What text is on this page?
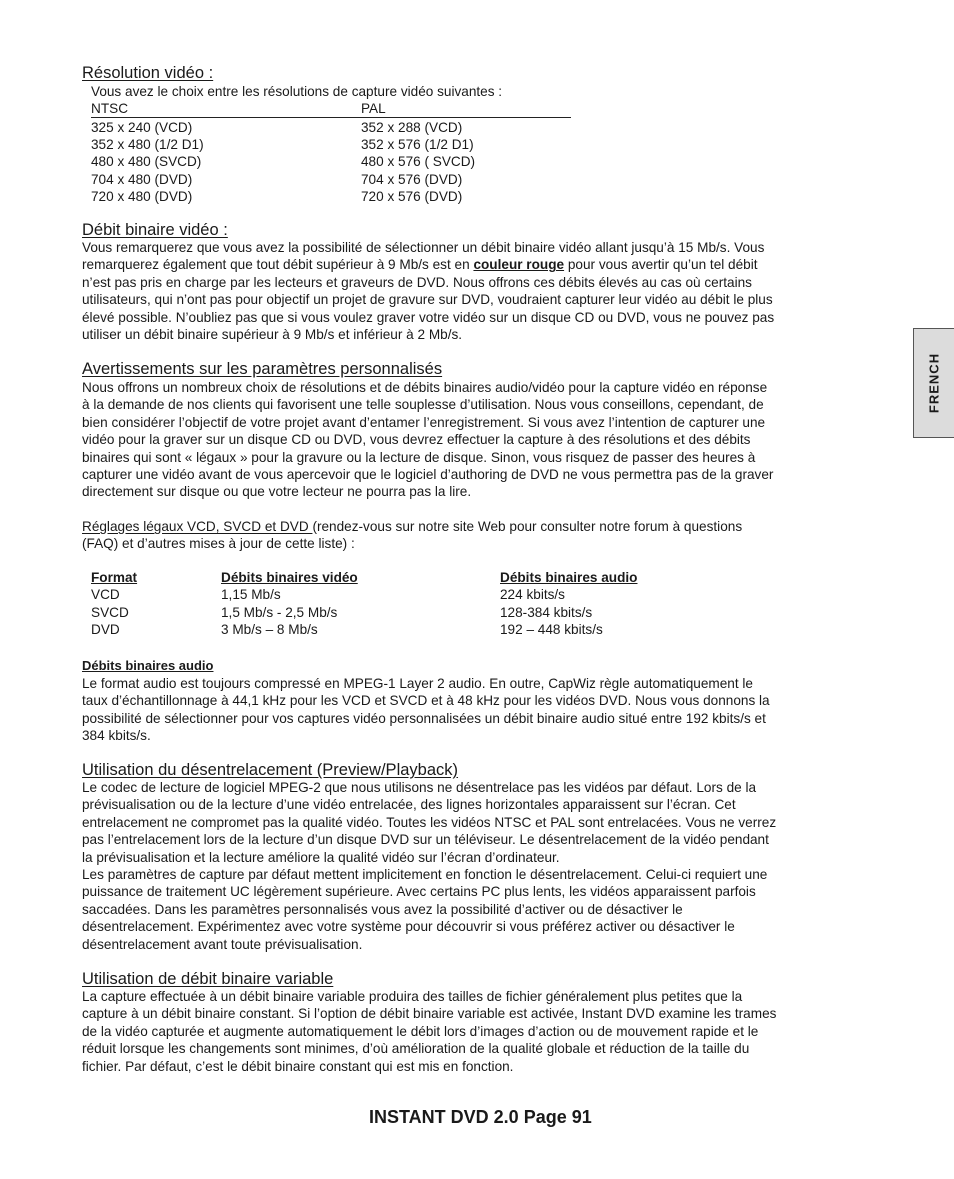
FRENCH
Résolution vidéo :
Vous avez le choix entre les résolutions de capture vidéo suivantes :
NTSC	PAL
325 x 240 (VCD)	352 x 288 (VCD)
352 x 480 (1/2 D1)	352 x 576 (1/2 D1)
480 x 480 (SVCD)	480 x 576 ( SVCD)
704 x 480 (DVD)	704 x 576 (DVD)
720 x 480 (DVD)	720 x 576 (DVD)
Débit binaire vidéo :
Vous remarquerez que vous avez la possibilité de sélectionner un débit binaire vidéo allant jusqu’à 15 Mb/s. Vous
remarquerez également que tout débit supérieur à 9 Mb/s est en couleur rouge pour vous avertir qu’un tel débit
n’est pas pris en charge par les lecteurs et graveurs de DVD. Nous offrons ces débits élevés au cas où certains
utilisateurs, qui n’ont pas pour objectif un projet de gravure sur DVD, voudraient capturer leur vidéo au débit le plus
élevé possible. N’oubliez pas que si vous voulez graver votre vidéo sur un disque CD ou DVD, vous ne pouvez pas
utiliser un débit binaire supérieur à 9 Mb/s et inférieur à 2 Mb/s.
Avertissements sur les paramètres personnalisés
Nous offrons un nombreux choix de résolutions et de débits binaires audio/vidéo pour la capture vidéo en réponse
à la demande de nos clients qui favorisent une telle souplesse d’utilisation. Nous vous conseillons, cependant, de
bien considérer l’objectif de votre projet avant d’entamer l’enregistrement. Si vous avez l’intention de capturer une
vidéo pour la graver sur un disque CD ou DVD, vous devrez effectuer la capture à des résolutions et des débits
binaires qui sont « légaux » pour la gravure ou la lecture de disque. Sinon, vous risquez de passer des heures à
capturer une vidéo avant de vous apercevoir que le logiciel d’authoring de DVD ne vous permettra pas de la graver
directement sur disque ou que votre lecteur ne pourra pas la lire.
Réglages légaux VCD, SVCD et DVD (rendez-vous sur notre site Web pour consulter notre forum à questions
(FAQ) et d’autres mises à jour de cette liste) :
Format	Débits binaires vidéo	Débits binaires audio
VCD	1,15 Mb/s	224 kbits/s
SVCD	1,5 Mb/s - 2,5 Mb/s	128-384 kbits/s
DVD	3 Mb/s – 8 Mb/s	192 – 448 kbits/s
Débits binaires audio
Le format audio est toujours compressé en MPEG-1 Layer 2 audio. En outre, CapWiz règle automatiquement le
taux d’échantillonnage à 44,1 kHz pour les VCD et SVCD et à 48 kHz pour les vidéos DVD. Nous vous donnons la
possibilité de sélectionner pour vos captures vidéo personnalisées un débit binaire audio situé entre 192 kbits/s et
384 kbits/s.
Utilisation du désentrelacement (Preview/Playback)
Le codec de lecture de logiciel MPEG-2 que nous utilisons ne désentrelace pas les vidéos par défaut. Lors de la
prévisualisation ou de la lecture d’une vidéo entrelacée, des lignes horizontales apparaissent sur l’écran. Cet
entrelacement ne compromet pas la qualité vidéo. Toutes les vidéos NTSC et PAL sont entrelacées. Vous ne verrez
pas l’entrelacement lors de la lecture d’un disque DVD sur un téléviseur. Le désentrelacement de la vidéo pendant
la prévisualisation et la lecture améliore la qualité vidéo sur l’écran d’ordinateur.
Les paramètres de capture par défaut mettent implicitement en fonction le désentrelacement. Celui-ci requiert une
puissance de traitement UC légèrement supérieure. Avec certains PC plus lents, les vidéos apparaissent parfois
saccadées. Dans les paramètres personnalisés vous avez la possibilité d’activer ou de désactiver le
désentrelacement. Expérimentez avec votre système pour découvrir si vous préférez activer ou désactiver le
désentrelacement avant toute prévisualisation.
Utilisation de débit binaire variable
La capture effectuée à un débit binaire variable produira des tailles de fichier généralement plus petites que la
capture à un débit binaire constant. Si l’option de débit binaire variable est activée, Instant DVD examine les trames
de la vidéo capturée et augmente automatiquement le débit lors d’images d’action ou de mouvement rapide et le
réduit lorsque les changements sont minimes, d’où amélioration de la qualité globale et réduction de la taille du
fichier. Par défaut, c’est le débit binaire constant qui est mis en fonction.
INSTANT DVD 2.0 Page 91
